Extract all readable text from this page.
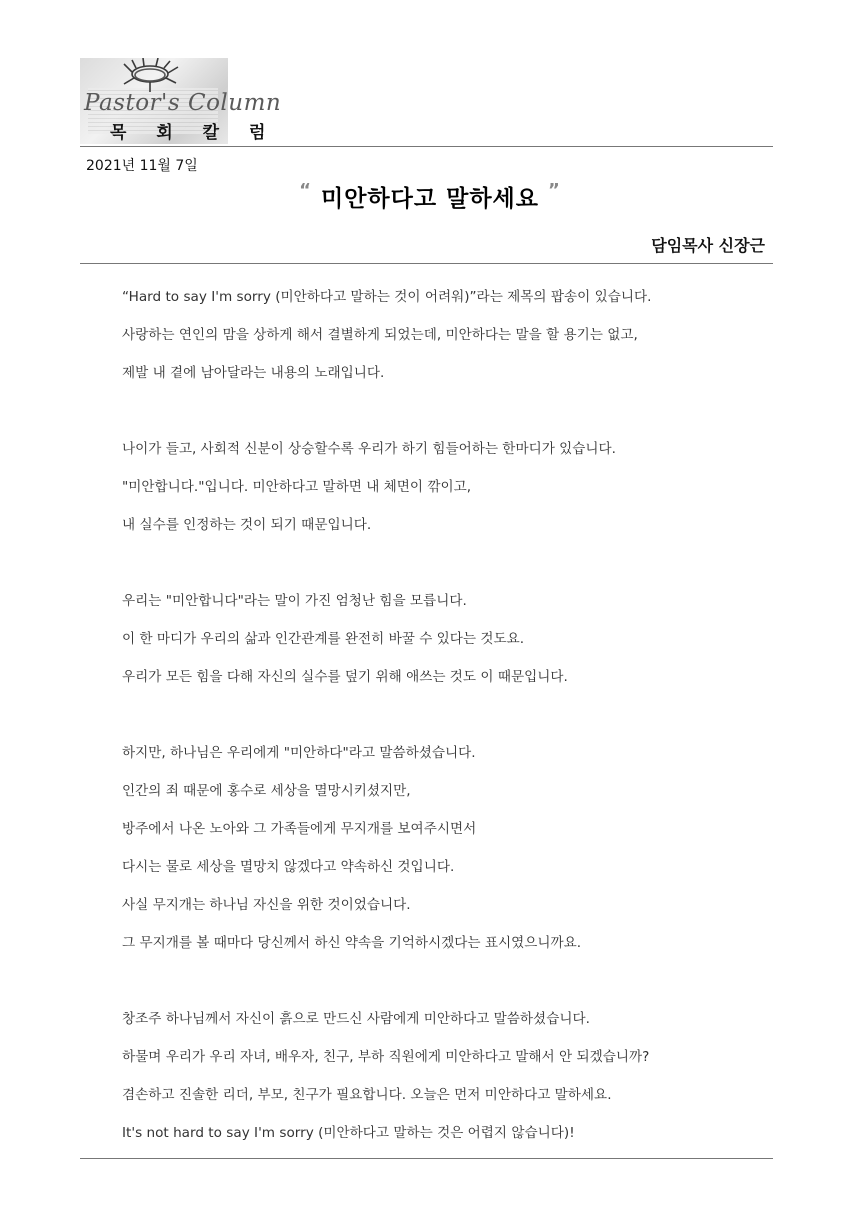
Pastor's Column
목 회 칼 럼
2021년 11월 7일
“ 미안하다고 말하세요 ”
담임목사 신장근
“Hard to say I'm sorry (미안하다고 말하는 것이 어려워)”라는 제목의 팝송이 있습니다.
사랑하는 연인의 맘을 상하게 해서 결별하게 되었는데, 미안하다는 말을 할 용기는 없고,
제발 내 곁에 남아달라는 내용의 노래입니다.
나이가 들고, 사회적 신분이 상승할수록 우리가 하기 힘들어하는 한마디가 있습니다.
"미안합니다."입니다. 미안하다고 말하면 내 체면이 깎이고,
내 실수를 인정하는 것이 되기 때문입니다.
우리는 "미안합니다"라는 말이 가진 엄청난 힘을 모릅니다.
이 한 마디가 우리의 삶과 인간관계를 완전히 바꿀 수 있다는 것도요.
우리가 모든 힘을 다해 자신의 실수를 덮기 위해 애쓰는 것도 이 때문입니다.
하지만, 하나님은 우리에게 "미안하다"라고 말씀하셨습니다.
인간의 죄 때문에 홍수로 세상을 멸망시키셨지만,
방주에서 나온 노아와 그 가족들에게 무지개를 보여주시면서
다시는 물로 세상을 멸망치 않겠다고 약속하신 것입니다.
사실 무지개는 하나님 자신을 위한 것이었습니다.
그 무지개를 볼 때마다 당신께서 하신 약속을 기억하시겠다는 표시였으니까요.
창조주 하나님께서 자신이 흙으로 만드신 사람에게 미안하다고 말씀하셨습니다.
하물며 우리가 우리 자녀, 배우자, 친구, 부하 직원에게 미안하다고 말해서 안 되겠습니까?
겸손하고 진솔한 리더, 부모, 친구가 필요합니다. 오늘은 먼저 미안하다고 말하세요.
It's not hard to say I'm sorry (미안하다고 말하는 것은 어렵지 않습니다)!
